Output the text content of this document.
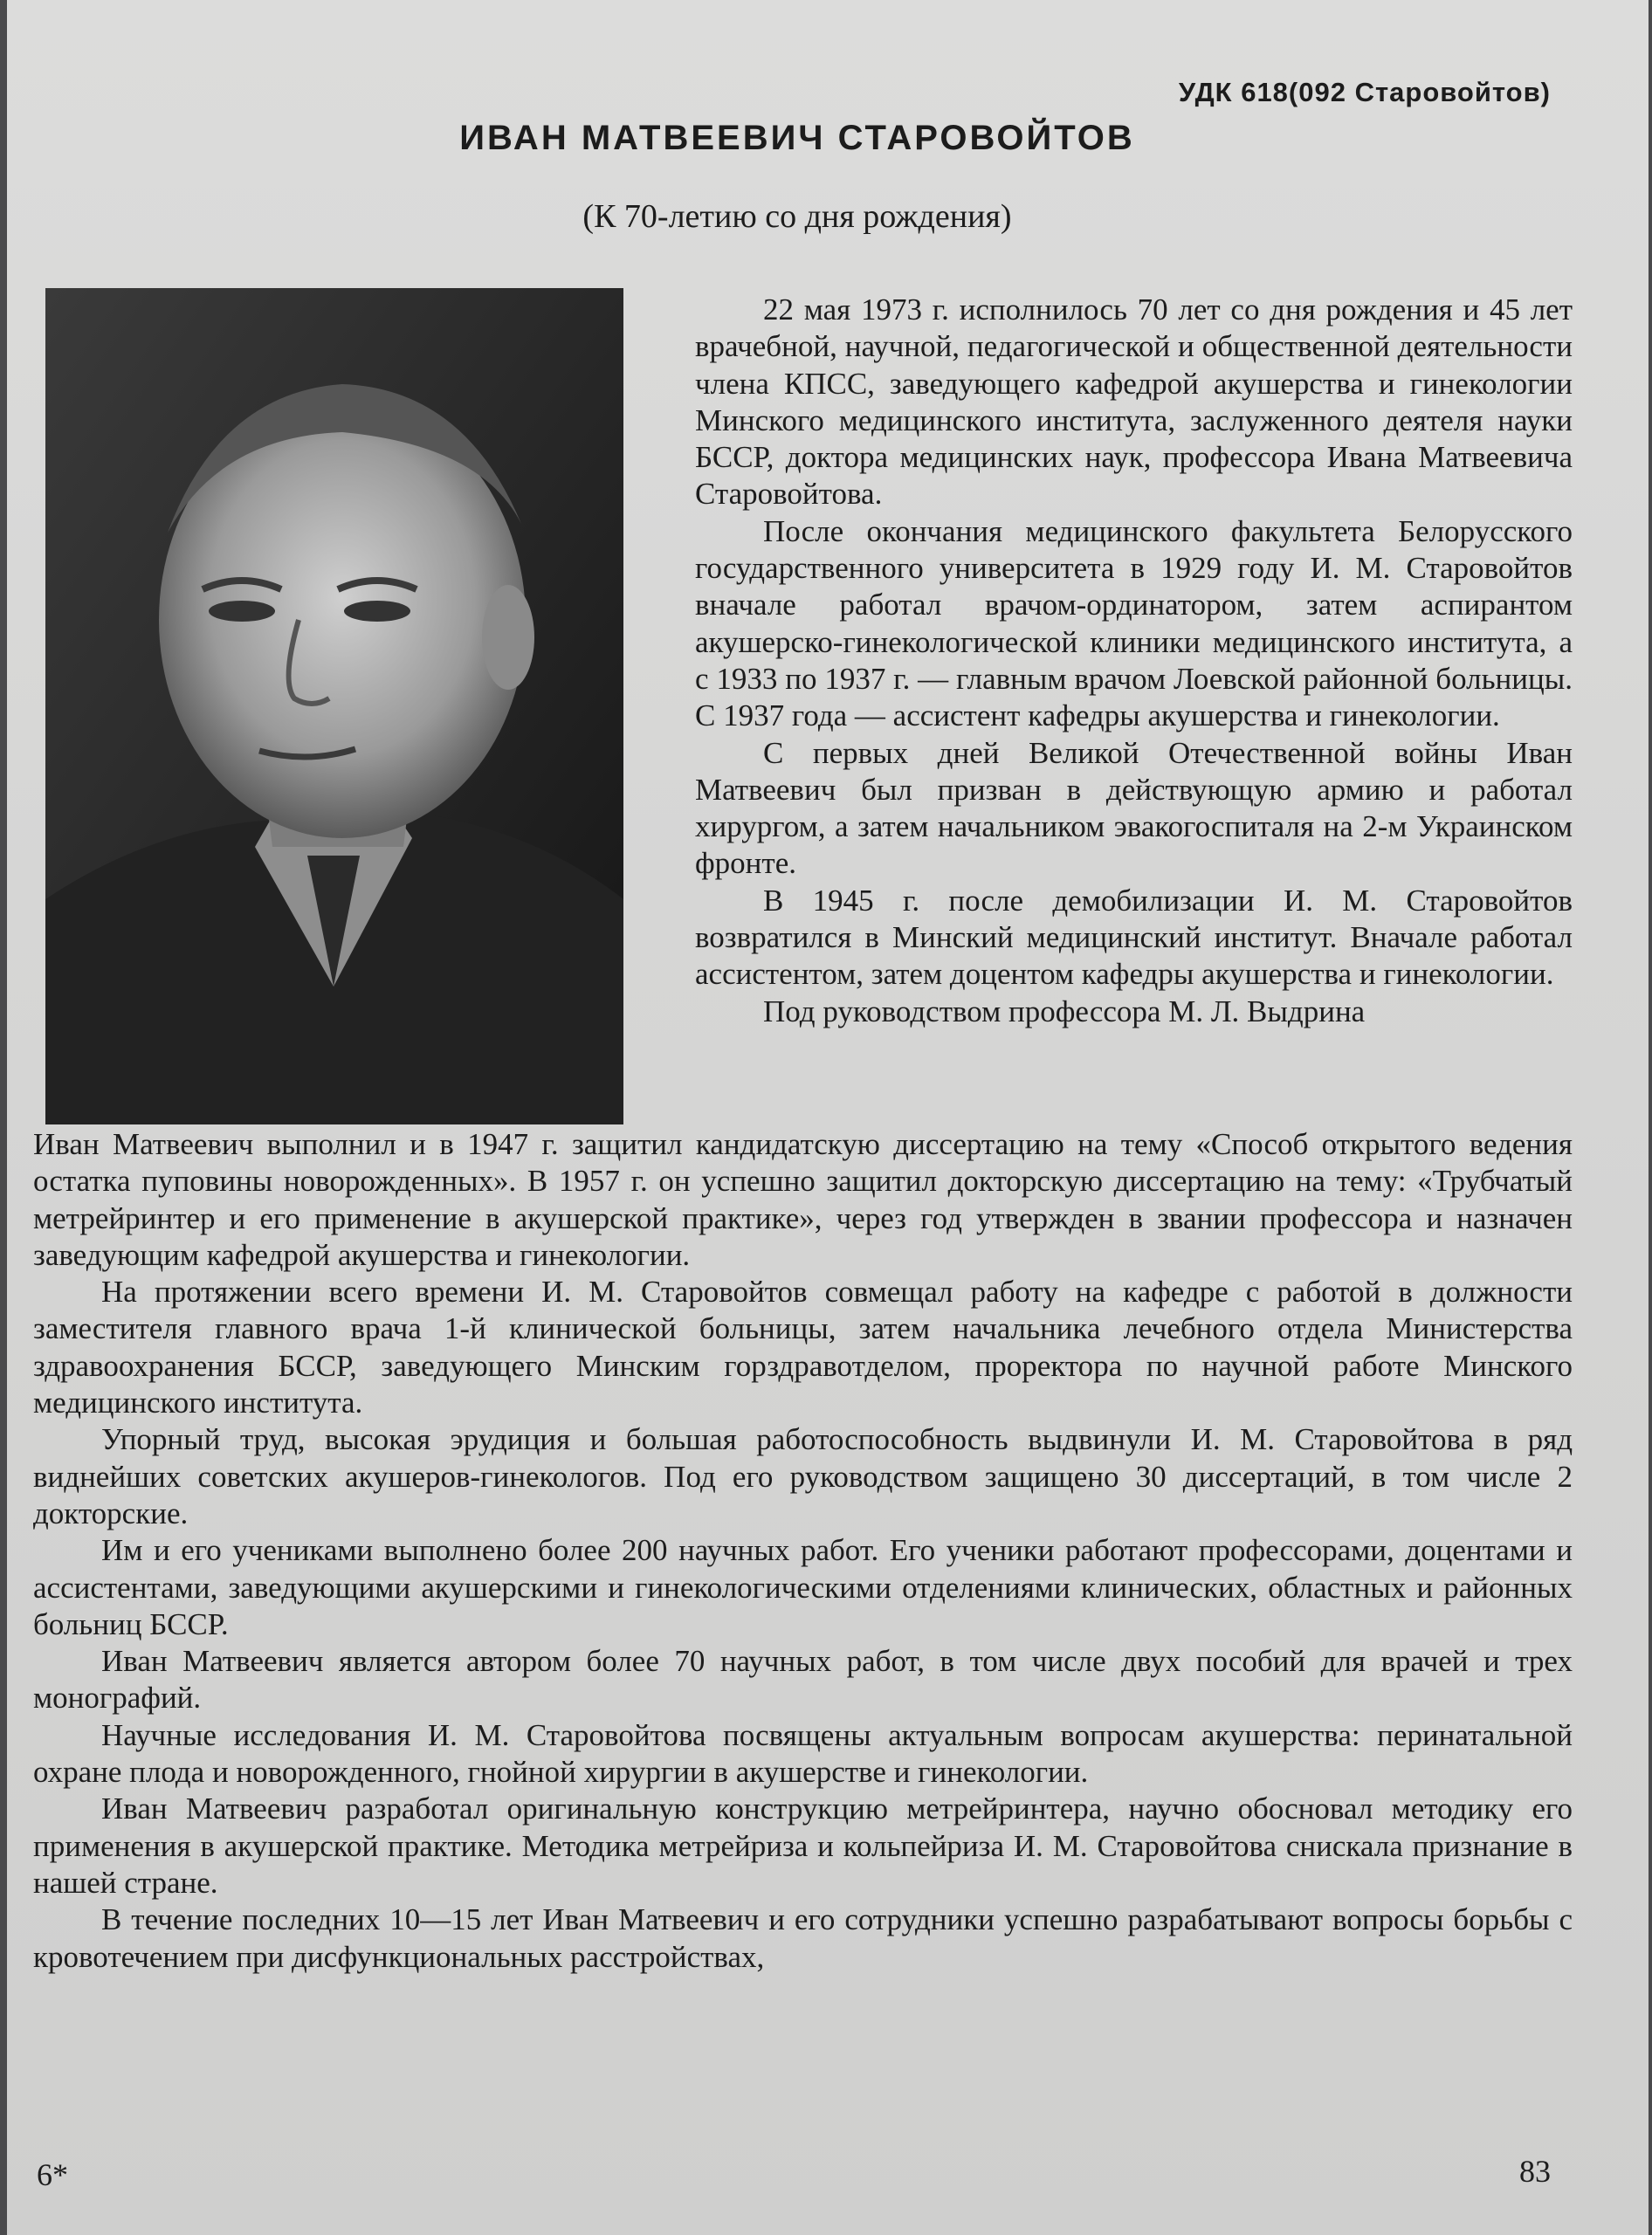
УДК 618(092 Старовойтов)
ИВАН МАТВЕЕВИЧ СТАРОВОЙТОВ
(К 70-летию со дня рождения)

22 мая 1973 г. исполнилось 70 лет со дня рождения и 45 лет врачебной, научной, педагогической и общественной деятельности члена КПСС, заведующего кафедрой акушерства и гинекологии Минского медицинского института, заслуженного деятеля науки БССР, доктора медицинских наук, профессора Ивана Матвеевича Старовойтова.

После окончания медицинского факультета Белорусского государственного университета в 1929 году И. М. Старовойтов вначале работал врачом-ординатором, затем аспирантом акушерско-гинекологической клиники медицинского института, а с 1933 по 1937 г. — главным врачом Лоевской районной больницы. С 1937 года — ассистент кафедры акушерства и гинекологии.

С первых дней Великой Отечественной войны Иван Матвеевич был призван в действующую армию и работал хирургом, а затем начальником эвакогоспиталя на 2-м Украинском фронте.

В 1945 г. после демобилизации И. М. Старовойтов возвратился в Минский медицинский институт. Вначале работал ассистентом, затем доцентом кафедры акушерства и гинекологии.

Под руководством профессора М. Л. Выдрина

Иван Матвеевич выполнил и в 1947 г. защитил кандидатскую диссертацию на тему «Способ открытого ведения остатка пуповины новорожденных». В 1957 г. он успешно защитил докторскую диссертацию на тему: «Трубчатый метрейринтер и его применение в акушерской практике», через год утвержден в звании профессора и назначен заведующим кафедрой акушерства и гинекологии.

На протяжении всего времени И. М. Старовойтов совмещал работу на кафедре с работой в должности заместителя главного врача 1-й клинической больницы, затем начальника лечебного отдела Министерства здравоохранения БССР, заведующего Минским горздравотделом, проректора по научной работе Минского медицинского института.

Упорный труд, высокая эрудиция и большая работоспособность выдвинули И. М. Старовойтова в ряд виднейших советских акушеров-гинекологов. Под его руководством защищено 30 диссертаций, в том числе 2 докторские.

Им и его учениками выполнено более 200 научных работ. Его ученики работают профессорами, доцентами и ассистентами, заведующими акушерскими и гинекологическими отделениями клинических, областных и районных больниц БССР.

Иван Матвеевич является автором более 70 научных работ, в том числе двух пособий для врачей и трех монографий.

Научные исследования И. М. Старовойтова посвящены актуальным вопросам акушерства: перинатальной охране плода и новорожденного, гнойной хирургии в акушерстве и гинекологии.

Иван Матвеевич разработал оригинальную конструкцию метрейринтера, научно обосновал методику его применения в акушерской практике. Методика метрейриза и кольпейриза И. М. Старовойтова снискала признание в нашей стране.

В течение последних 10—15 лет Иван Матвеевич и его сотрудники успешно разрабатывают вопросы борьбы с кровотечением при дисфункциональных расстройствах,

6*	83
